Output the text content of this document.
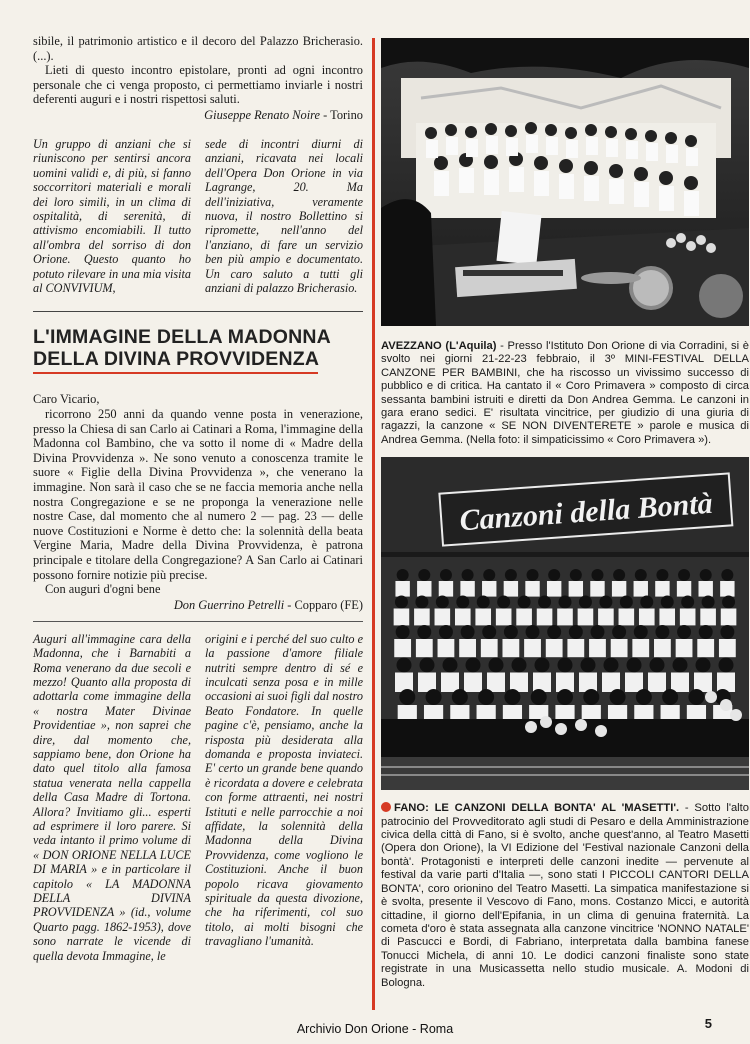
sibile, il patrimonio artistico e il decoro del Palazzo Bricherasio. (...).

Lieti di questo incontro epistolare, pronti ad ogni incontro personale che ci venga proposto, ci permettiamo inviarle i nostri deferenti auguri e i nostri rispettosi saluti.

Giuseppe Renato Noire - Torino

Un gruppo di anziani che si riuniscono per sentirsi ancora uomini validi e, di più, si fanno soccorritori materiali e morali dei loro simili, in un clima di ospitalità, di serenità, di attivismo encomiabili. Il tutto all'ombra del sorriso di don Orione. Questo quanto ho potuto rilevare in una mia visita al CONVIVIUM,

sede di incontri diurni di anziani, ricavata nei locali dell'Opera Don Orione in via Lagrange, 20. Ma dell'iniziativa, veramente nuova, il nostro Bollettino si ripromette, nell'anno del l'anziano, di fare un servizio ben più ampio e documentato. Un caro saluto a tutti gli anziani di palazzo Bricherasio.

L'IMMAGINE DELLA MADONNA
DELLA DIVINA PROVVIDENZA

Caro Vicario,

ricorrono 250 anni da quando venne posta in venerazione, presso la Chiesa di san Carlo ai Catinari a Roma, l'immagine della Madonna col Bambino, che va sotto il nome di « Madre della Divina Provvidenza ». Ne sono venuto a conoscenza tramite le suore « Figlie della Divina Provvidenza », che venerano la immagine. Non sarà il caso che se ne faccia memoria anche nella nostra Congregazione e se ne proponga la venerazione nelle nostre Case, dal momento che al numero 2 — pag. 23 — delle nuove Costituzioni e Norme è detto che: la solennità della beata Vergine Maria, Madre della Divina Provvidenza, è patrona principale e titolare della Congregazione? A San Carlo ai Catinari possono fornire notizie più precise.

Con auguri d'ogni bene

Don Guerrino Petrelli - Copparo (FE)

Auguri all'immagine cara della Madonna, che i Barnabiti a Roma venerano da due secoli e mezzo! Quanto alla proposta di adottarla come immagine della « nostra Mater Divinae Providentiae », non saprei che dire, dal momento che, sappiamo bene, don Orione ha dato quel titolo alla famosa statua venerata nella cappella della Casa Madre di Tortona. Allora? Invitiamo gli... esperti ad esprimere il loro parere. Si veda intanto il primo volume di « DON ORIONE NELLA LUCE DI MARIA » e in particolare il capitolo « LA MADONNA DELLA DIVINA PROVVIDENZA » (id., volume Quarto pagg. 1862-1953), dove sono narrate le vicende di quella devota Immagine, le

origini e i perché del suo culto e la passione d'amore filiale nutriti sempre dentro di sé e inculcati senza posa e in mille occasioni ai suoi figli dal nostro Beato Fondatore. In quelle pagine c'è, pensiamo, anche la risposta più desiderata alla domanda e proposta inviateci. E' certo un grande bene quando è ricordata a dovere e celebrata con forme attraenti, nei nostri Istituti e nelle parrocchie a noi affidate, la solennità della Madonna della Divina Provvidenza, come vogliono le Costituzioni. Anche il buon popolo ricava giovamento spirituale da questa divozione, che ha riferimenti, col suo titolo, ai molti bisogni che travagliano l'umanità.

AVEZZANO (L'Aquila) - Presso l'Istituto Don Orione di via Corradini, si è svolto nei giorni 21-22-23 febbraio, il 3º MINI-FESTIVAL DELLA CANZONE PER BAMBINI, che ha riscosso un vivissimo successo di pubblico e di critica. Ha cantato il « Coro Primavera » composto di circa sessanta bambini istruiti e diretti da Don Andrea Gemma. Le canzoni in gara erano sedici. E' risultata vincitrice, per giudizio di una giuria di ragazzi, la canzone « SE NON DIVENTERETE » parole e musica di Andrea Gemma. (Nella foto: il simpaticissimo « Coro Primavera »).
Canzoni della Bontà
FANO: LE CANZONI DELLA BONTA' AL 'MASETTI'. - Sotto l'alto patrocinio del Provveditorato agli studi di Pesaro e della Amministrazione civica della città di Fano, si è svolto, anche quest'anno, al Teatro Masetti (Opera don Orione), la VI Edizione del 'Festival nazionale Canzoni della bontà'. Protagonisti e interpreti delle canzoni inedite — pervenute al festival da varie parti d'Italia —, sono stati I PICCOLI CANTORI DELLA BONTA', coro orionino del Teatro Masetti. La simpatica manifestazione si è svolta, presente il Vescovo di Fano, mons. Costanzo Micci, e autorità cittadine, il giorno dell'Epifania, in un clima di genuina fraternità. La cometa d'oro è stata assegnata alla canzone vincitrice 'NONNO NATALE' di Pascucci e Bordi, di Fabriano, interpretata dalla bambina fanese Tonucci Michela, di anni 10. Le dodici canzoni finaliste sono state registrate in una Musicassetta nello studio musicale. A. Modoni di Bologna.
Archivio Don Orione - Roma	5
